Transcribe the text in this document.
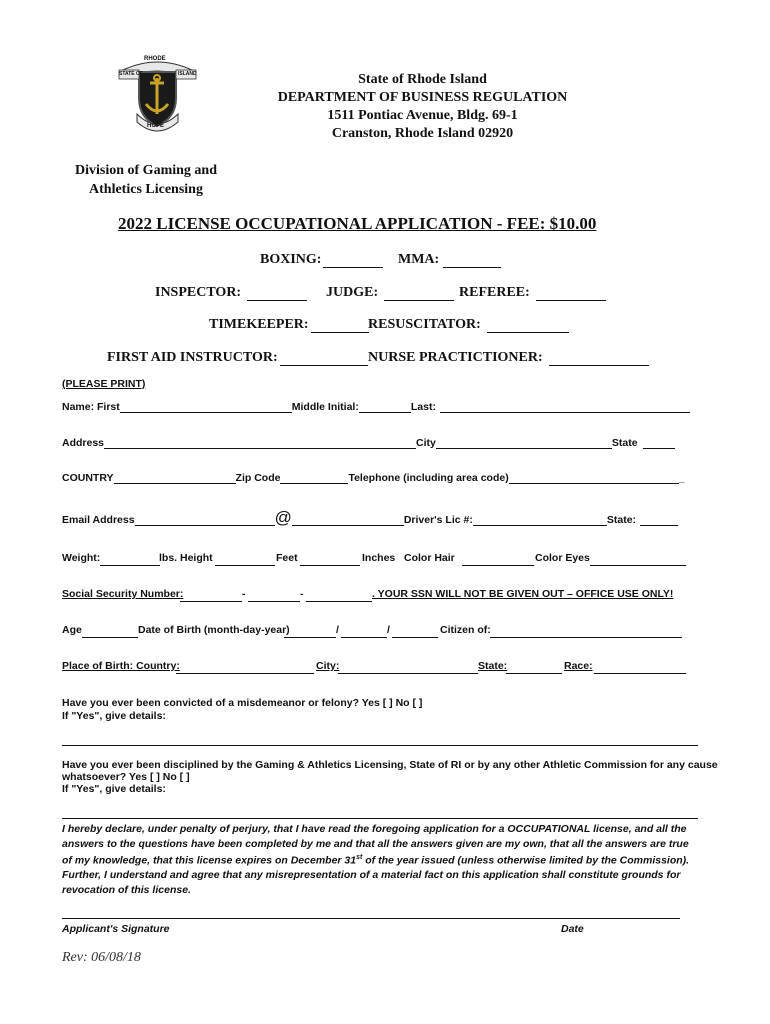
RHODE
STATE OF	ISLAND
HOPE
State of Rhode Island
DEPARTMENT OF BUSINESS REGULATION
1511 Pontiac Avenue, Bldg. 69-1
Cranston, Rhode Island 02920
Division of Gaming and
Athletics Licensing
2022 LICENSE OCCUPATIONAL APPLICATION - FEE: $10.00
BOXING:	MMA:
INSPECTOR:	JUDGE:	REFEREE:
TIMEKEEPER:	RESUSCITATOR:
FIRST AID INSTRUCTOR:	NURSE PRACTICTIONER:
(PLEASE PRINT)
Name: First	Middle Initial:	Last:
Address	City	State
COUNTRY	Zip Code	Telephone (including area code)	_
Email Address	@	Driver's Lic #:	State:
Weight:	lbs. Height	Feet	Inches Color Hair	Color Eyes
Social Security Number:	-	-	. YOUR SSN WILL NOT BE GIVEN OUT – OFFICE USE ONLY!
Age	Date of Birth (month-day-year)	/	/	Citizen of:
Place of Birth: Country:	City:	State:	Race:
Have you ever been convicted of a misdemeanor or felony? Yes [ ] No [ ]
If "Yes", give details:
Have you ever been disciplined by the Gaming & Athletics Licensing, State of RI or by any other Athletic Commission for any cause
whatsoever? Yes [ ] No [ ]
If "Yes", give details:
I hereby declare, under penalty of perjury, that I have read the foregoing application for a OCCUPATIONAL license, and all the
answers to the questions have been completed by me and that all the answers given are my own, that all the answers are true
of my knowledge, that this license expires on December 31st of the year issued (unless otherwise limited by the Commission).
Further, I understand and agree that any misrepresentation of a material fact on this application shall constitute grounds for
revocation of this license.
Applicant's Signature	Date
Rev: 06/08/18
